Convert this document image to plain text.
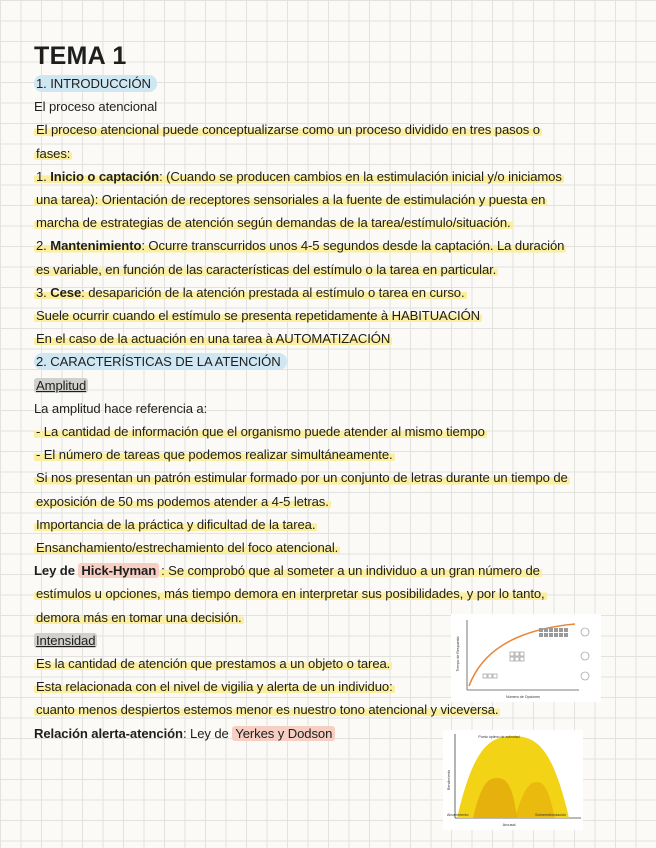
TEMA 1
1. INTRODUCCIÓN
El proceso atencional
El proceso atencional puede conceptualizarse como un proceso dividido en tres pasos o
fases:
1. Inicio o captación: (Cuando se producen cambios en la estimulación inicial y/o iniciamos
una tarea): Orientación de receptores sensoriales a la fuente de estimulación y puesta en
marcha de estrategias de atención según demandas de la tarea/estímulo/situación.
2. Mantenimiento: Ocurre transcurridos unos 4-5 segundos desde la captación. La duración
es variable, en función de las características del estímulo o la tarea en particular.
3. Cese: desaparición de la atención prestada al estímulo o tarea en curso.
Suele ocurrir cuando el estímulo se presenta repetidamente à HABITUACIÓN
En el caso de la actuación en una tarea à AUTOMATIZACIÓN
2. CARACTERÍSTICAS DE LA ATENCIÓN
Amplitud
La amplitud hace referencia a:
- La cantidad de información que el organismo puede atender al mismo tiempo
- El número de tareas que podemos realizar simultáneamente.
Si nos presentan un patrón estimular formado por un conjunto de letras durante un tiempo de
exposición de 50 ms podemos atender a 4-5 letras.
Importancia de la práctica y dificultad de la tarea.
Ensanchamiento/estrechamiento del foco atencional.
Ley de Hick-Hyman : Se comprobó que al someter a un individuo a un gran número de
estímulos u opciones, más tiempo demora en interpretar sus posibilidades, y por lo tanto,
demora más en tomar una decisión.
Intensidad
Es la cantidad de atención que prestamos a un objeto o tarea.
Esta relacionada con el nivel de vigilia y alerta de un individuo:
cuanto menos despiertos estemos menor es nuestro tono atencional y viceversa.
Relación alerta-atención: Ley de Yerkes y Dodson
Tiempo de Respuesta
Número de Opciones
Punto óptimo de actividad
Rendimiento
Aburrimiento	Sobreestimulación
Arousal
